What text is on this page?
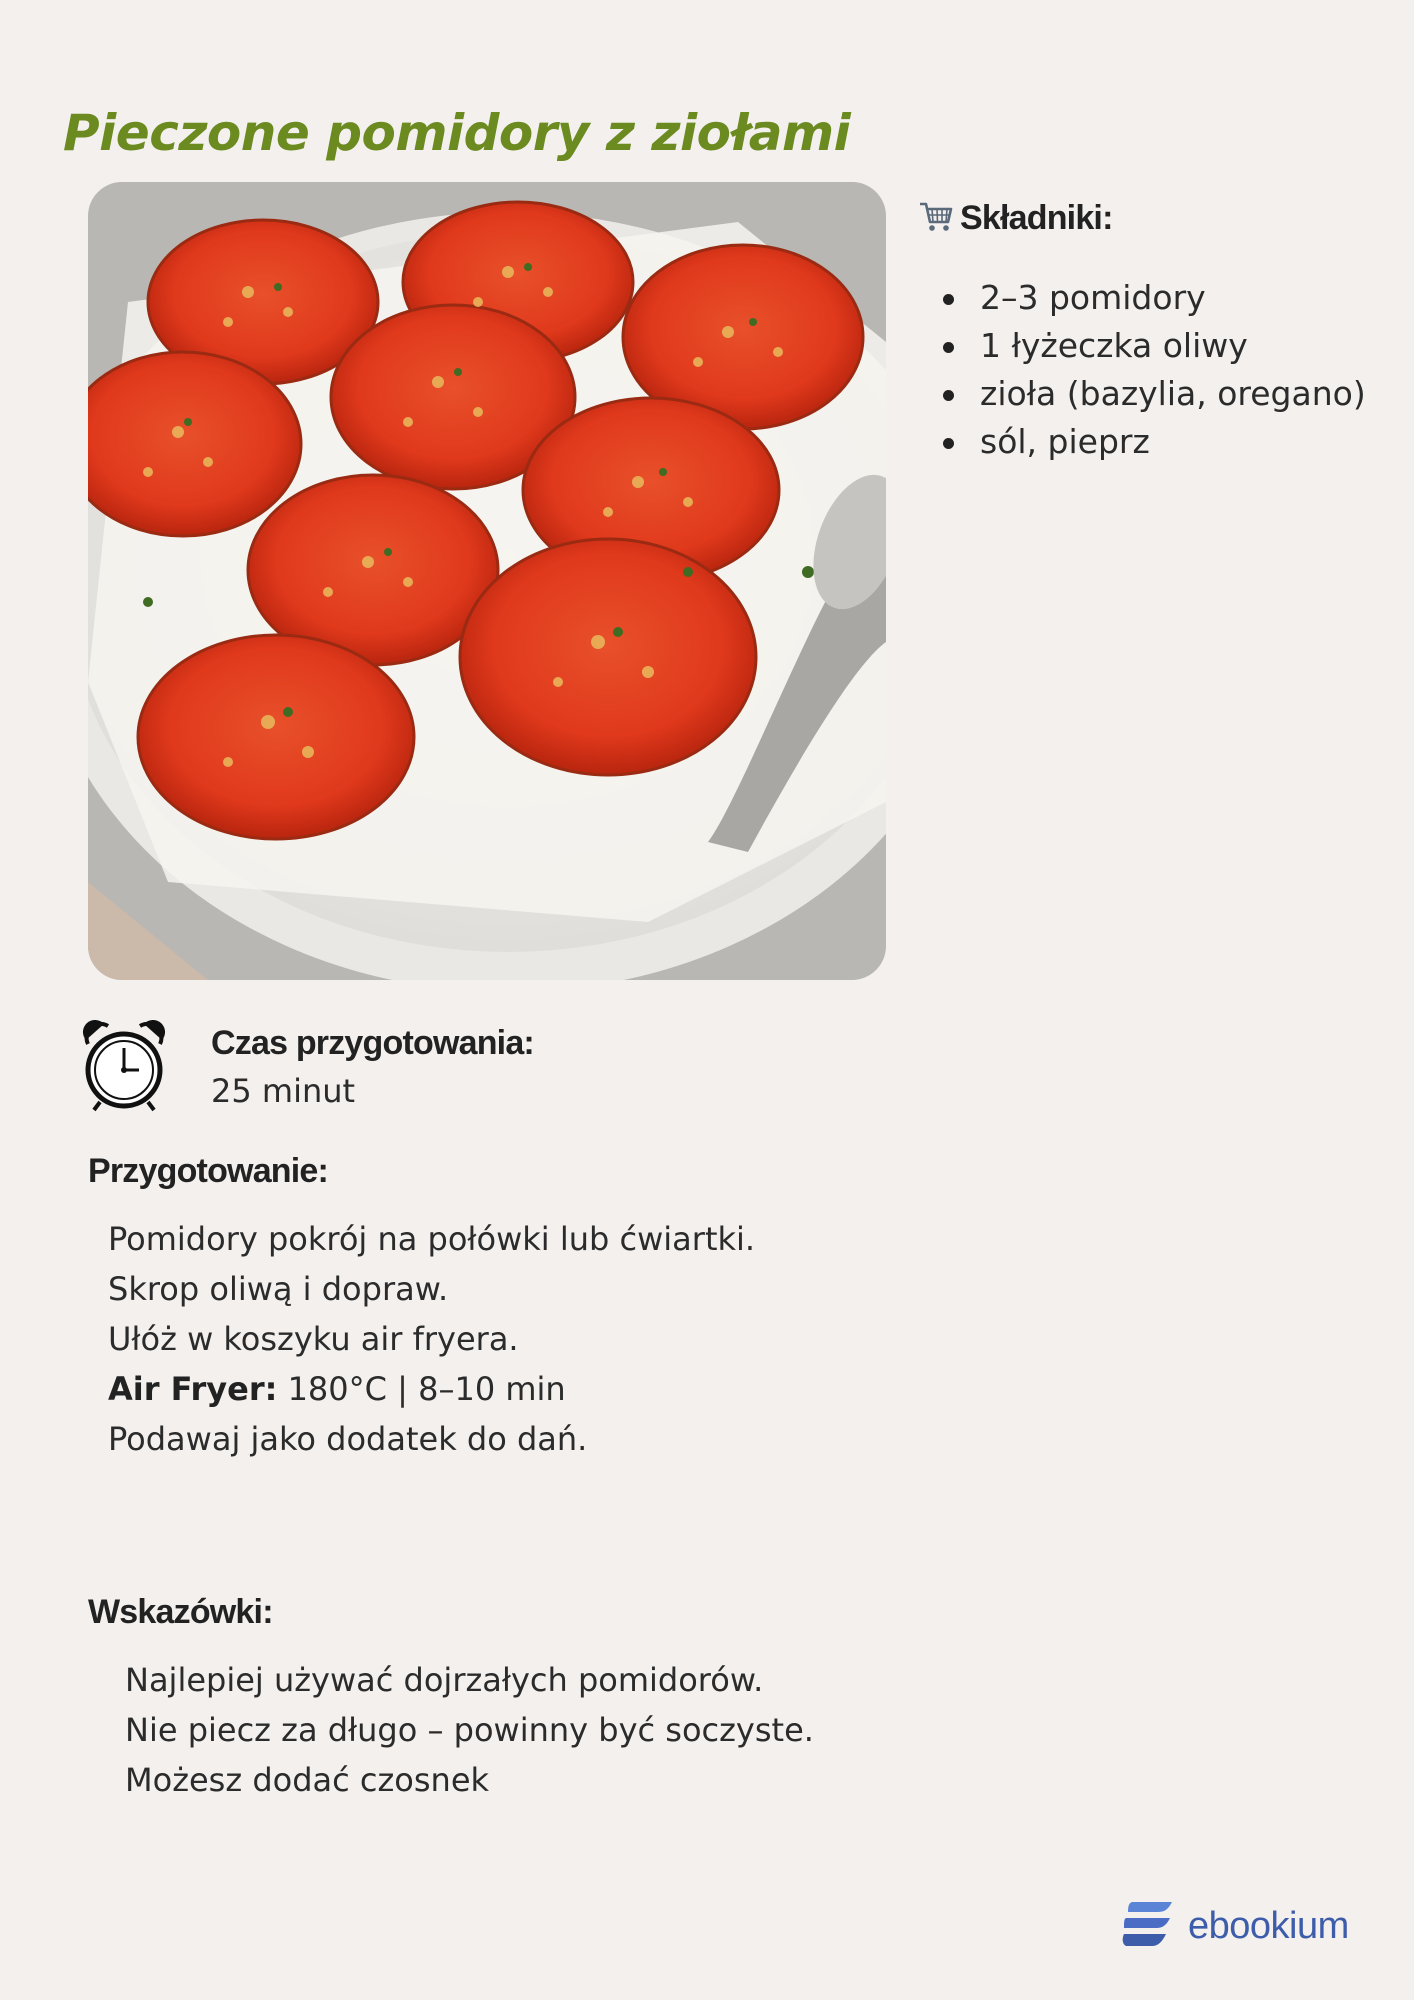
Pieczone pomidory z ziołami
Składniki:
2–3 pomidory
1 łyżeczka oliwy
zioła (bazylia, oregano)
sól, pieprz
Czas przygotowania:
25 minut
Przygotowanie:
Pomidory pokrój na połówki lub ćwiartki.
Skrop oliwą i dopraw.
Ułóż w koszyku air fryera.
Air Fryer: 180°C | 8–10 min
Podawaj jako dodatek do dań.
Wskazówki:
Najlepiej używać dojrzałych pomidorów.
Nie piecz za długo – powinny być soczyste.
Możesz dodać czosnek
ebookium
